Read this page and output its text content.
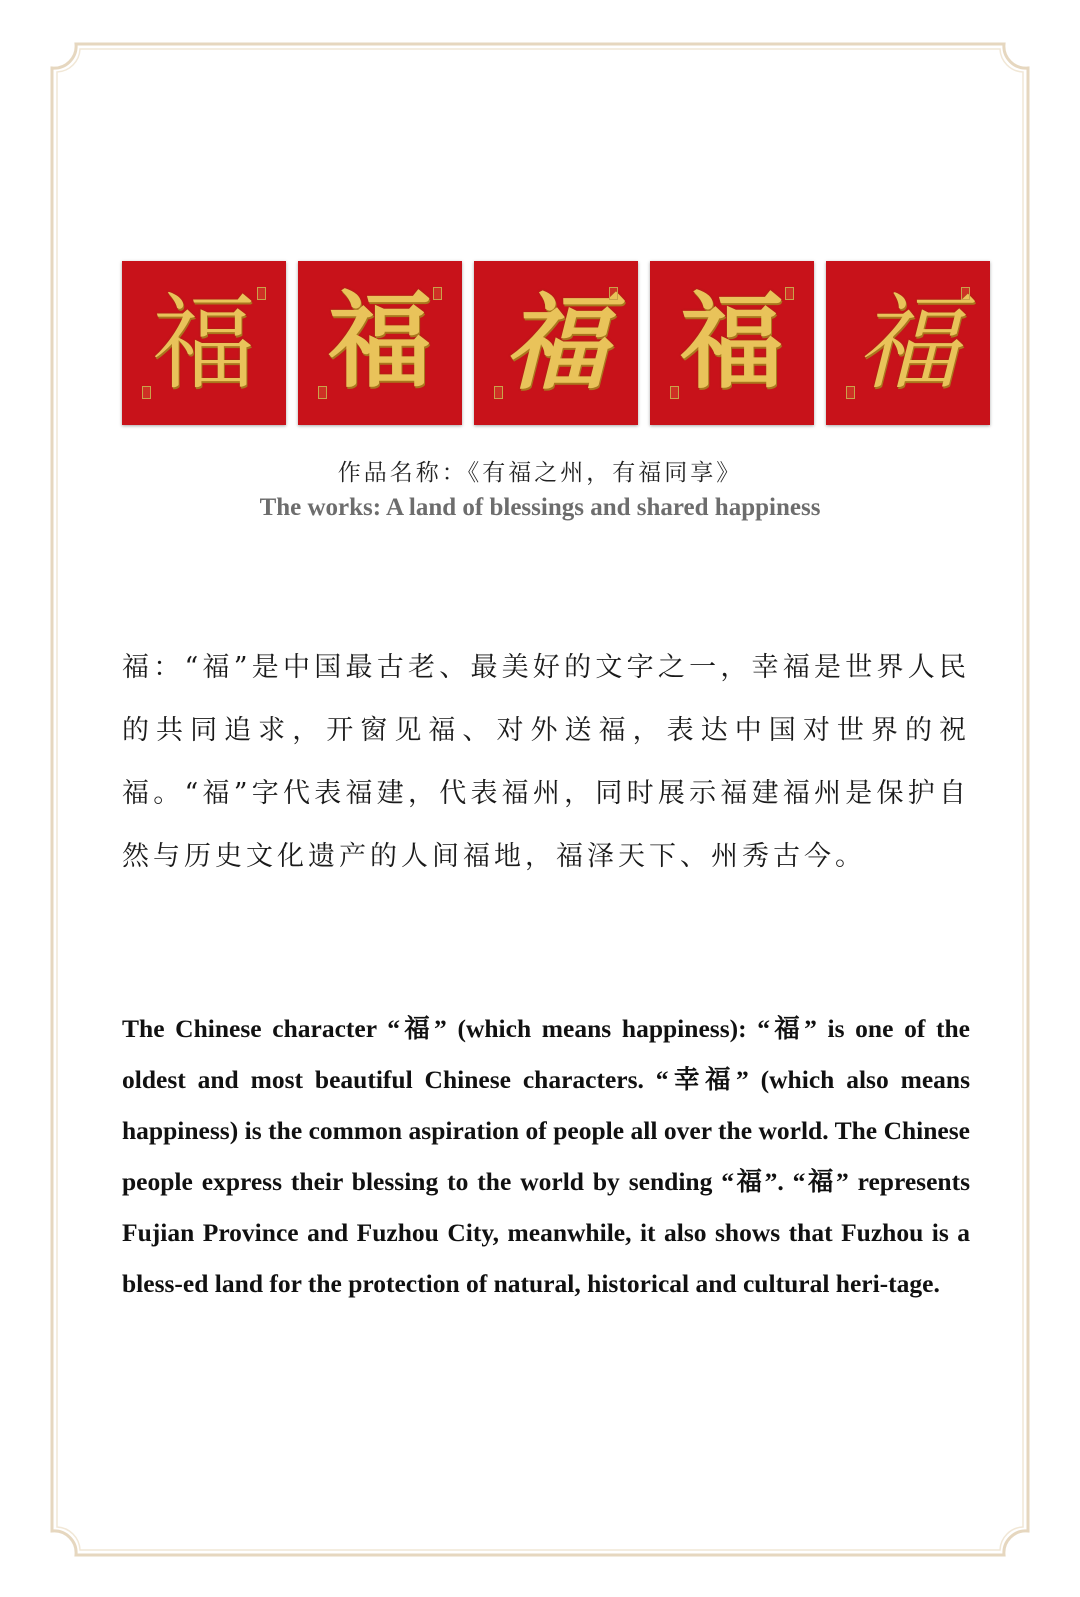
福 福 福 福 福

作品名称：《有福之州，有福同享》

The works: A land of blessings and shared happiness

福：“福”是中国最古老、最美好的文字之一，幸福是世界人民的共同追求，开窗见福、对外送福，表达中国对世界的祝福。“福”字代表福建，代表福州，同时展示福建福州是保护自然与历史文化遗产的人间福地，福泽天下、州秀古今。

The Chinese character “福” (which means happiness): “福” is one of the oldest and most beautiful Chinese characters. “幸福” (which also means happiness) is the common aspiration of people all over the world. The Chinese people express their blessing to the world by sending “福”. “福” represents Fujian Province and Fuzhou City, meanwhile, it also shows that Fuzhou is a bless-ed land for the protection of natural, historical and cultural heri-tage.
